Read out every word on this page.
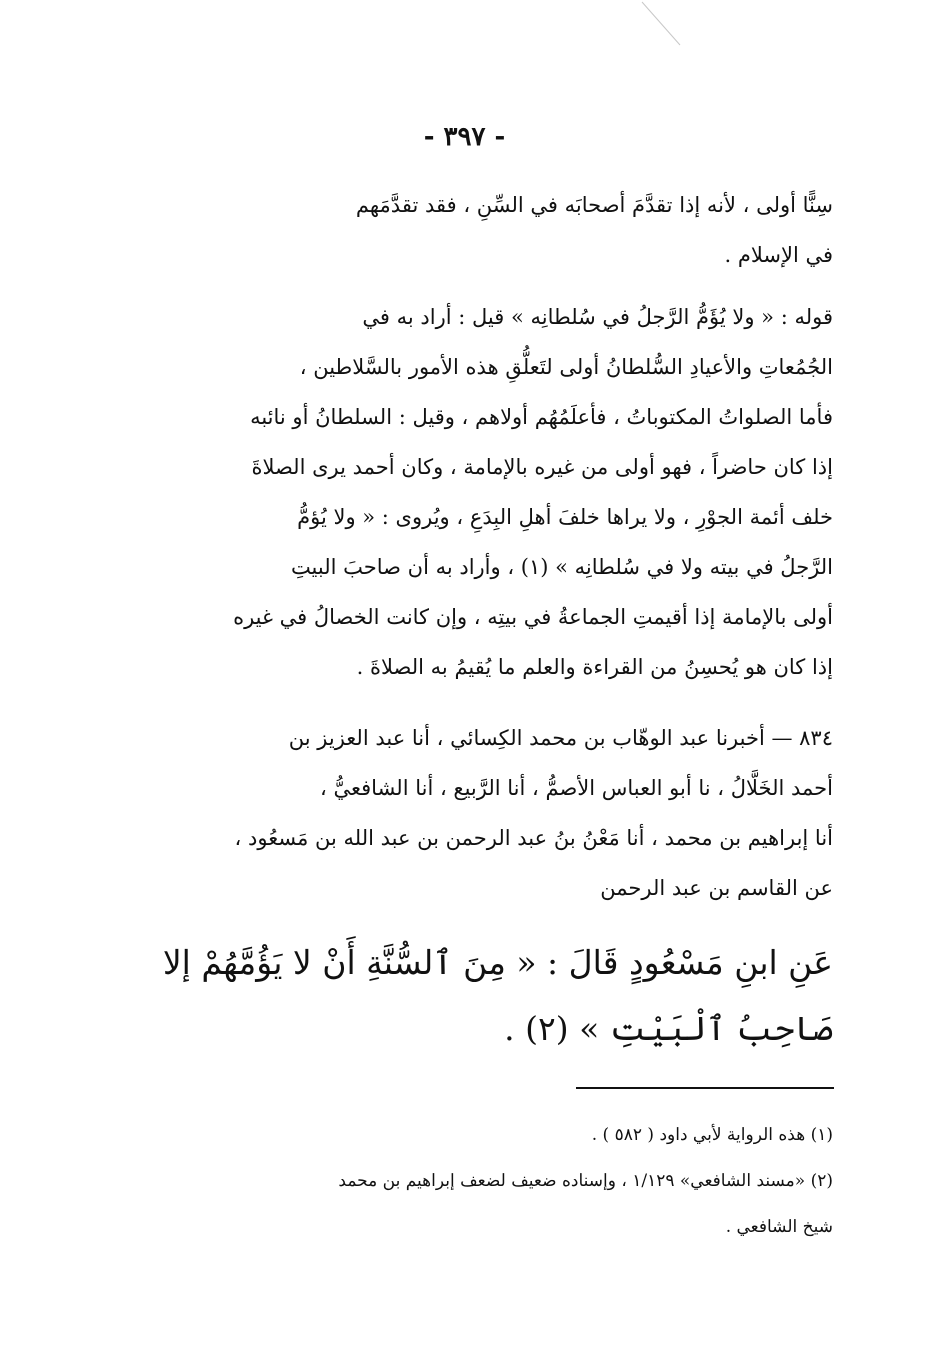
- ٣٩٧ -
سِنًّا أولى ، لأنه إذا تقدَّمَ أصحابَه في السِّنِ ، فقد تقدَّمَهم
في الإسلام .
قوله : « ولا يُؤَمُّ الرَّجلُ في سُلطانِه » قيل : أراد به في
الجُمُعاتِ والأعيادِ السُّلطانُ أولى لتَعلُّقِ هذه الأمور بالسَّلاطين ،
فأما الصلواتُ المكتوباتُ ، فأعلَمُهُم أولاهم ، وقيل : السلطانُ أو نائبه
إذا كان حاضراً ، فهو أولى من غيره بالإمامة ، وكان أحمد يرى الصلاةَ
خلف أئمة الجوْرِ ، ولا يراها خلفَ أهلِ البِدَعِ ، ويُروى : « ولا يُؤمُّ
الرَّجلُ في بيته ولا في سُلطانِه » (١) ، وأراد به أن صاحبَ البيتِ
أولى بالإمامة إذا أقيمتِ الجماعةُ في بيتِه ، وإن كانت الخصالُ في غيره
إذا كان هو يُحسِنُ من القراءة والعلم ما يُقيمُ به الصلاةَ .
٨٣٤ — أخبرنا عبد الوهّاب بن محمد الكِسائي ، أنا عبد العزيز بن
أحمد الخَلَّالُ ، نا أبو العباس الأصمُّ ، أنا الرَّبيع ، أنا الشافعيُّ ،
أنا إبراهيم بن محمد ، أنا مَعْنُ بنُ عبد الرحمن بن عبد الله بن مَسعُود ،
عن القاسم بن عبد الرحمن
عَنِ ابنِ مَسْعُودٍ قَالَ : « مِنَ ٱلسُّنَّةِ أَنْ لا يَؤُمَّهُمْ إلا
صَاحِبُ ٱلْبَيْتِ » (٢) .
(١) هذه الرواية لأبي داود ( ٥٨٢ ) .
(٢) «مسند الشافعي» ١/١٢٩ ، وإسناده ضعيف لضعف إبراهيم بن محمد
شيخ الشافعي .
